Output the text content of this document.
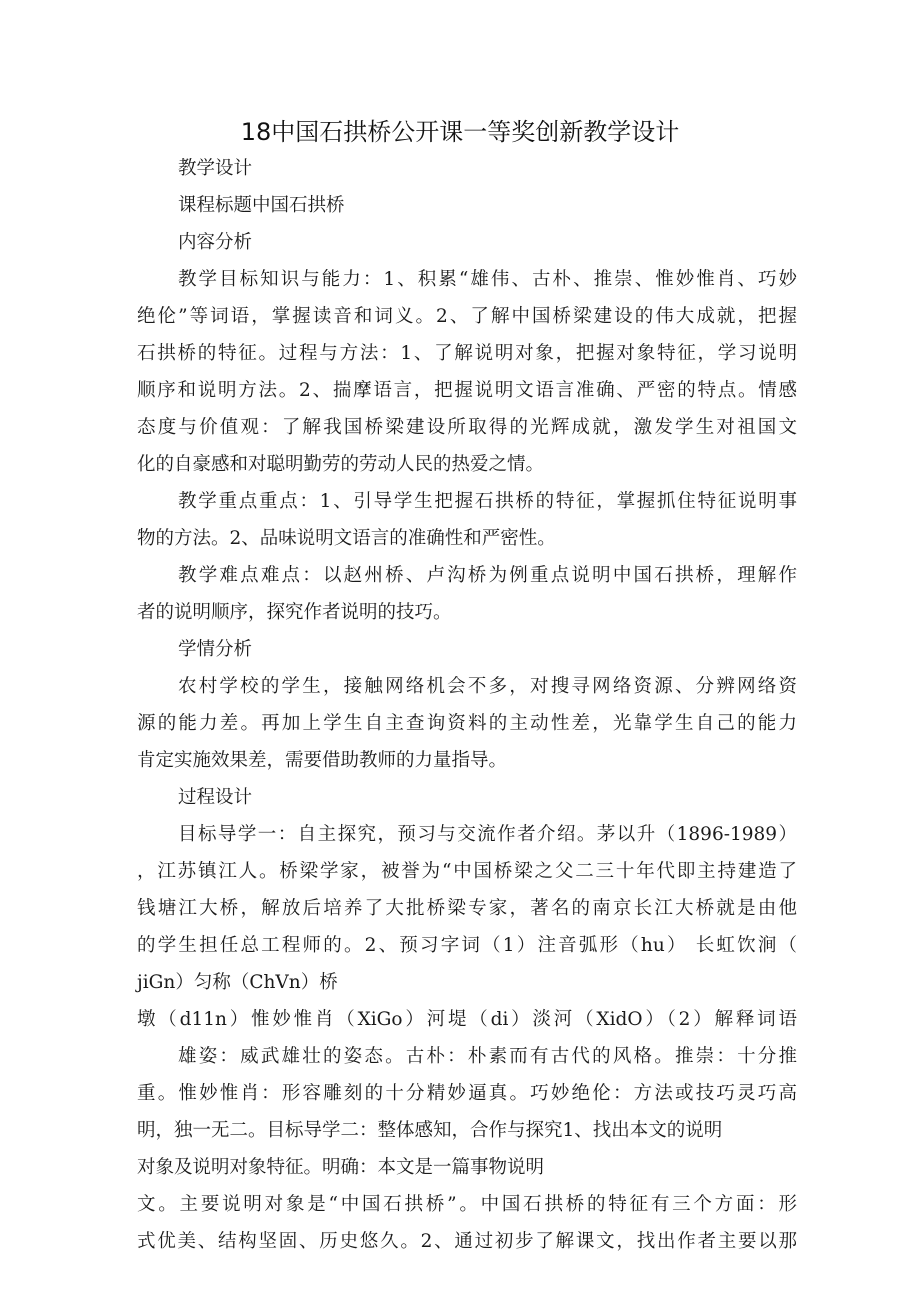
18中国石拱桥公开课一等奖创新教学设计
教学设计
课程标题中国石拱桥
内容分析
教学目标知识与能力：1、积累“雄伟、古朴、推崇、惟妙惟肖、巧妙
绝伦”等词语，掌握读音和词义。2、了解中国桥梁建设的伟大成就，把握
石拱桥的特征。过程与方法：1、了解说明对象，把握对象特征，学习说明
顺序和说明方法。2、揣摩语言，把握说明文语言准确、严密的特点。情感
态度与价值观：了解我国桥梁建设所取得的光辉成就，激发学生对祖国文
化的自豪感和对聪明勤劳的劳动人民的热爱之情。
教学重点重点：1、引导学生把握石拱桥的特征，掌握抓住特征说明事
物的方法。2、品味说明文语言的准确性和严密性。
教学难点难点：以赵州桥、卢沟桥为例重点说明中国石拱桥，理解作
者的说明顺序，探究作者说明的技巧。
学情分析
农村学校的学生，接触网络机会不多，对搜寻网络资源、分辨网络资
源的能力差。再加上学生自主查询资料的主动性差，光靠学生自己的能力
肯定实施效果差，需要借助教师的力量指导。
过程设计
目标导学一：自主探究，预习与交流作者介绍。茅以升（1896-1989）
，江苏镇江人。桥梁学家，被誉为“中国桥梁之父二三十年代即主持建造了
钱塘江大桥，解放后培养了大批桥梁专家，著名的南京长江大桥就是由他
的学生担任总工程师的。2、预习字词（1）注音弧形（hu） 长虹饮涧（
jiGn）匀称（ChVn）桥
墩（d11n）惟妙惟肖（XiGo）河堤（di）淡河（XidO）（2）解释词语
雄姿：威武雄壮的姿态。古朴：朴素而有古代的风格。推崇：十分推
重。惟妙惟肖：形容雕刻的十分精妙逼真。巧妙绝伦：方法或技巧灵巧高
明，独一无二。目标导学二：整体感知，合作与探究1、找出本文的说明
对象及说明对象特征。明确：本文是一篇事物说明
文。主要说明对象是“中国石拱桥”。中国石拱桥的特征有三个方面：形
式优美、结构坚固、历史悠久。2、通过初步了解课文，找出作者主要以那
